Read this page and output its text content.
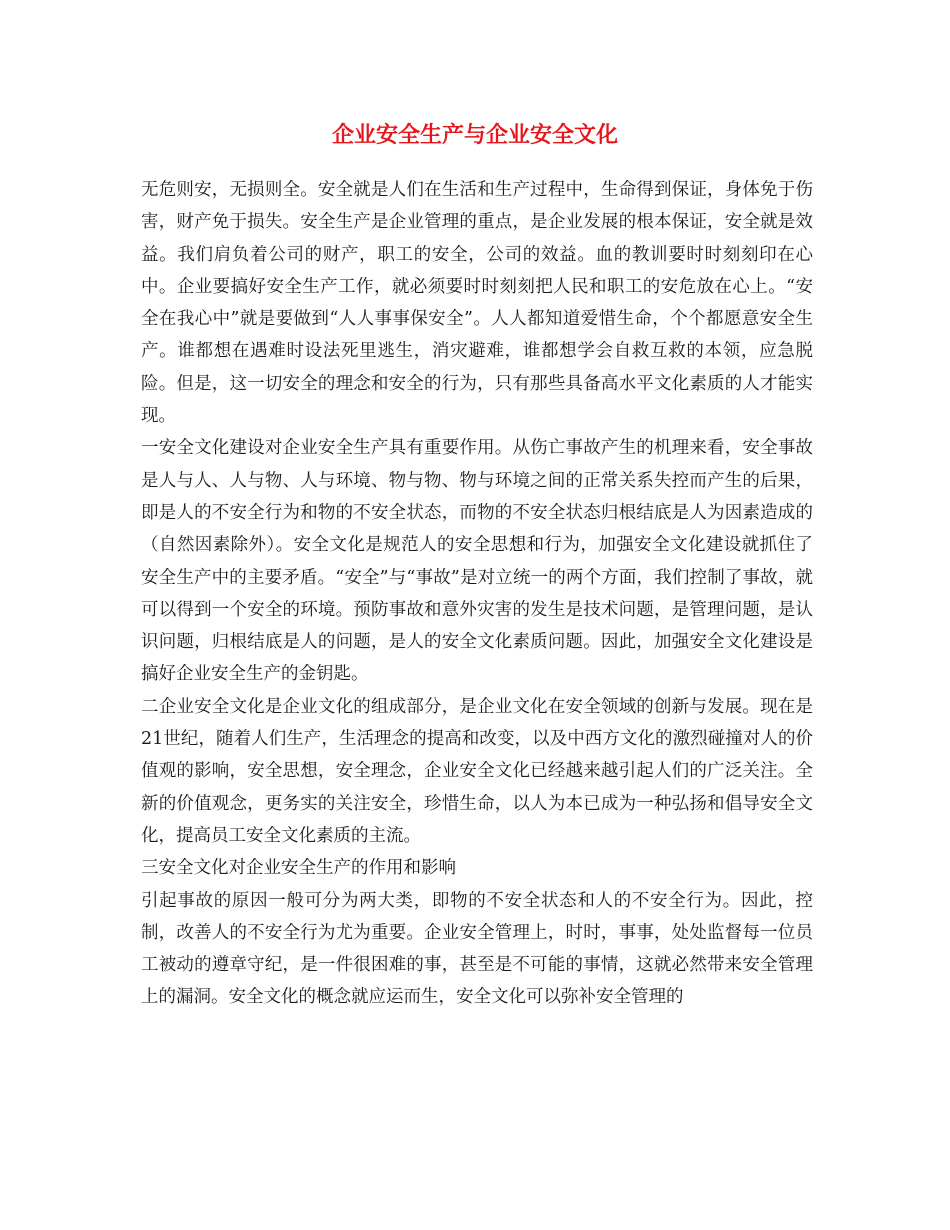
企业安全生产与企业安全文化

无危则安，无损则全。安全就是人们在生活和生产过程中，生命得到保证，身体免于伤害，财产免于损失。安全生产是企业管理的重点，是企业发展的根本保证，安全就是效益。我们肩负着公司的财产，职工的安全，公司的效益。血的教训要时时刻刻印在心中。企业要搞好安全生产工作，就必须要时时刻刻把人民和职工的安危放在心上。“安全在我心中”就是要做到“人人事事保安全”。人人都知道爱惜生命，个个都愿意安全生产。谁都想在遇难时设法死里逃生，消灾避难，谁都想学会自救互救的本领，应急脱险。但是，这一切安全的理念和安全的行为，只有那些具备高水平文化素质的人才能实现。

一安全文化建设对企业安全生产具有重要作用。从伤亡事故产生的机理来看，安全事故是人与人、人与物、人与环境、物与物、物与环境之间的正常关系失控而产生的后果，即是人的不安全行为和物的不安全状态，而物的不安全状态归根结底是人为因素造成的（自然因素除外）。安全文化是规范人的安全思想和行为，加强安全文化建设就抓住了安全生产中的主要矛盾。“安全”与“事故”是对立统一的两个方面，我们控制了事故，就可以得到一个安全的环境。预防事故和意外灾害的发生是技术问题，是管理问题，是认识问题，归根结底是人的问题，是人的安全文化素质问题。因此，加强安全文化建设是搞好企业安全生产的金钥匙。

二企业安全文化是企业文化的组成部分，是企业文化在安全领域的创新与发展。现在是21世纪，随着人们生产，生活理念的提高和改变，以及中西方文化的激烈碰撞对人的价值观的影响，安全思想，安全理念，企业安全文化已经越来越引起人们的广泛关注。全新的价值观念，更务实的关注安全，珍惜生命，以人为本已成为一种弘扬和倡导安全文化，提高员工安全文化素质的主流。

三安全文化对企业安全生产的作用和影响

引起事故的原因一般可分为两大类，即物的不安全状态和人的不安全行为。因此，控制，改善人的不安全行为尤为重要。企业安全管理上，时时，事事，处处监督每一位员工被动的遵章守纪，是一件很困难的事，甚至是不可能的事情，这就必然带来安全管理上的漏洞。安全文化的概念就应运而生，安全文化可以弥补安全管理的
